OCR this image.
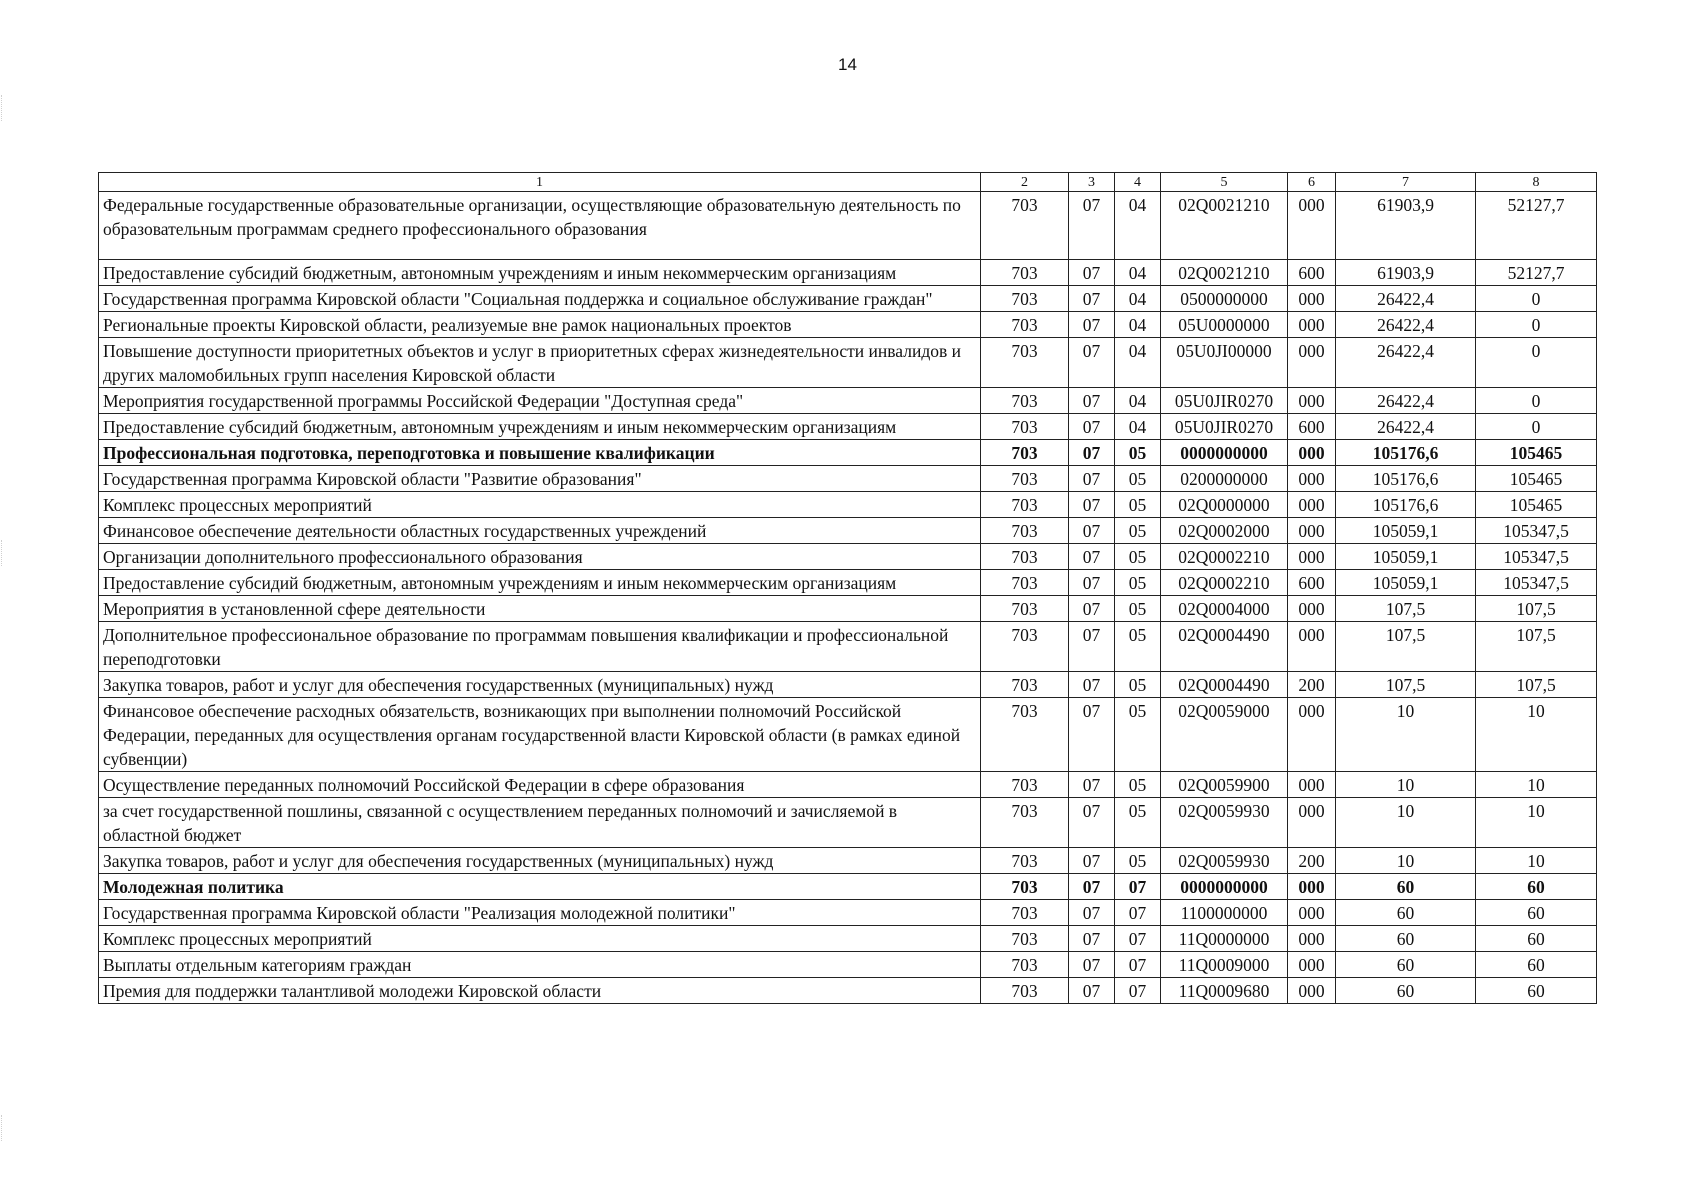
14
1	2	3	4	5	6	7	8
Федеральные государственные образовательные организации, осуществляющие образовательную деятельность по образовательным программам среднего профессионального образования	703	07	04	02Q0021210	000	61903,9	52127,7
Предоставление субсидий бюджетным, автономным учреждениям и иным некоммерческим организациям	703	07	04	02Q0021210	600	61903,9	52127,7
Государственная программа Кировской области "Социальная поддержка и социальное обслуживание граждан"	703	07	04	0500000000	000	26422,4	0
Региональные проекты Кировской области, реализуемые вне рамок национальных проектов	703	07	04	05U0000000	000	26422,4	0
Повышение доступности приоритетных объектов и услуг в приоритетных сферах жизнедеятельности инвалидов и других маломобильных групп населения Кировской области	703	07	04	05U0JI00000	000	26422,4	0
Мероприятия государственной программы Российской Федерации "Доступная среда"	703	07	04	05U0JIR0270	000	26422,4	0
Предоставление субсидий бюджетным, автономным учреждениям и иным некоммерческим организациям	703	07	04	05U0JIR0270	600	26422,4	0
Профессиональная подготовка, переподготовка и повышение квалификации	703	07	05	0000000000	000	105176,6	105465
Государственная программа Кировской области "Развитие образования"	703	07	05	0200000000	000	105176,6	105465
Комплекс процессных мероприятий	703	07	05	02Q0000000	000	105176,6	105465
Финансовое обеспечение деятельности областных государственных учреждений	703	07	05	02Q0002000	000	105059,1	105347,5
Организации дополнительного профессионального образования	703	07	05	02Q0002210	000	105059,1	105347,5
Предоставление субсидий бюджетным, автономным учреждениям и иным некоммерческим организациям	703	07	05	02Q0002210	600	105059,1	105347,5
Мероприятия в установленной сфере деятельности	703	07	05	02Q0004000	000	107,5	107,5
Дополнительное профессиональное образование по программам повышения квалификации и профессиональной переподготовки	703	07	05	02Q0004490	000	107,5	107,5
Закупка товаров, работ и услуг для обеспечения государственных (муниципальных) нужд	703	07	05	02Q0004490	200	107,5	107,5
Финансовое обеспечение расходных обязательств, возникающих при выполнении полномочий Российской Федерации, переданных для осуществления органам государственной власти Кировской области (в рамках единой субвенции)	703	07	05	02Q0059000	000	10	10
Осуществление переданных полномочий Российской Федерации в сфере образования	703	07	05	02Q0059900	000	10	10
за счет государственной пошлины, связанной с осуществлением переданных полномочий и зачисляемой в областной бюджет	703	07	05	02Q0059930	000	10	10
Закупка товаров, работ и услуг для обеспечения государственных (муниципальных) нужд	703	07	05	02Q0059930	200	10	10
Молодежная политика	703	07	07	0000000000	000	60	60
Государственная программа Кировской области "Реализация молодежной политики"	703	07	07	1100000000	000	60	60
Комплекс процессных мероприятий	703	07	07	11Q0000000	000	60	60
Выплаты отдельным категориям граждан	703	07	07	11Q0009000	000	60	60
Премия для поддержки талантливой молодежи Кировской области	703	07	07	11Q0009680	000	60	60
